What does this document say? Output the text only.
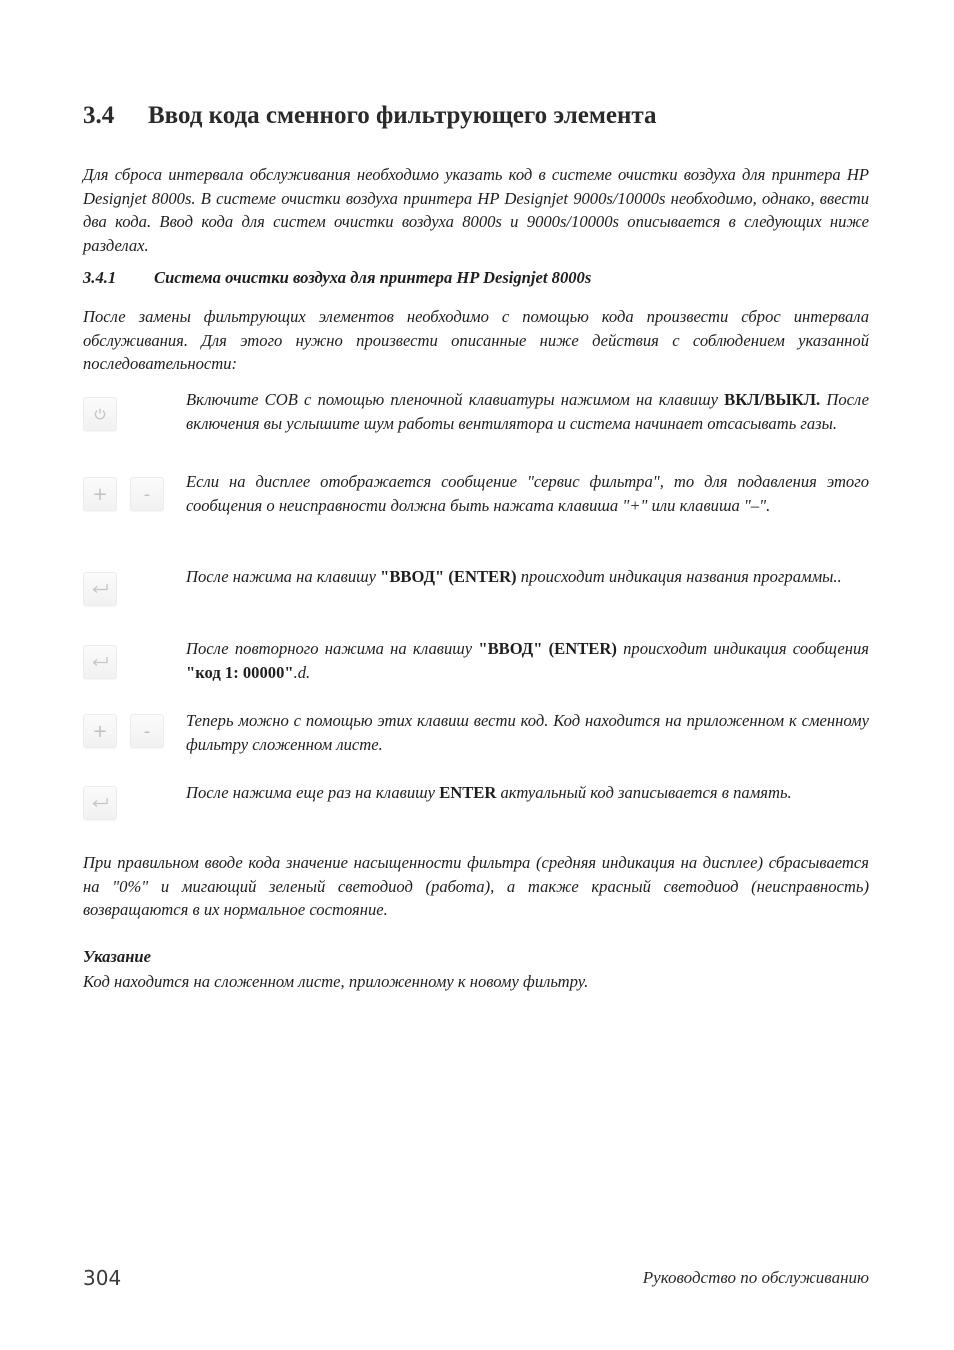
3.4	Ввод кода сменного фильтрующего элемента
Для сброса интервала обслуживания необходимо указать код в системе очистки воздуха для принтера HP Designjet 8000s. В системе очистки воздуха принтера HP Designjet 9000s/10000s необходимо, однако, ввести два кода. Ввод кода для систем очистки воздуха 8000s и 9000s/10000s описывается в следующих ниже разделах.
3.4.1	Система очистки воздуха для принтера HP Designjet 8000s
После замены фильтрующих элементов необходимо с помощью кода произвести сброс интервала обслуживания. Для этого нужно произвести описанные ниже действия с соблюдением указанной последовательности:
Включите СОВ с помощью пленочной клавиатуры нажимом на клавишу ВКЛ/ВЫКЛ. После включения вы услышите шум работы вентилятора и система начинает отсасывать газы.
+ -
Если на дисплее отображается сообщение "сервис фильтра", то для подавления этого сообщения о неисправности должна быть нажата клавиша "+" или клавиша "–".
После нажима на клавишу "ВВОД" (ENTER) происходит индикация названия программы..
После повторного нажима на клавишу "ВВОД" (ENTER) происходит индикация сообщения "код 1: 00000".d.
+ - Теперь можно с помощью этих клавиш вести код. Код находится на приложенном к сменному фильтру сложенном листе.
После нажима еще раз на клавишу ENTER актуальный код записывается в память.
При правильном вводе кода значение насыщенности фильтра (средняя индикация на дисплее) сбрасывается на "0%" и мигающий зеленый светодиод (работа), а также красный светодиод (неисправность) возвращаются в их нормальное состояние.
Указание
Код находится на сложенном листе, приложенному к новому фильтру.
304	Руководство по обслуживанию
